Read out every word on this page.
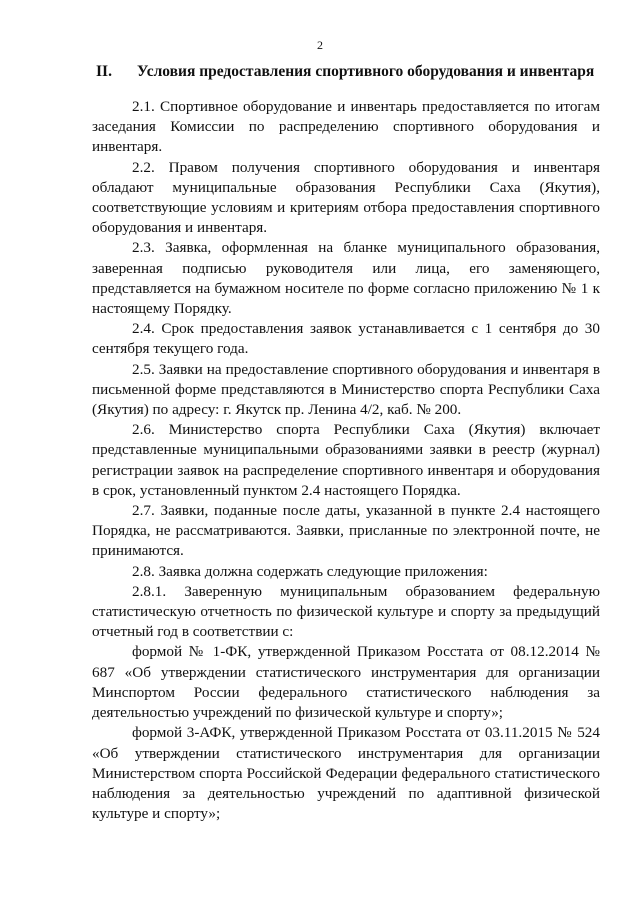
2
II. Условия предоставления спортивного оборудования и инвентаря

2.1. Спортивное оборудование и инвентарь предоставляется по итогам заседания Комиссии по распределению спортивного оборудования и инвентаря.

2.2. Правом получения спортивного оборудования и инвентаря обладают муниципальные образования Республики Саха (Якутия), соответствующие условиям и критериям отбора предоставления спортивного оборудования и инвентаря.

2.3. Заявка, оформленная на бланке муниципального образования, заверенная подписью руководителя или лица, его заменяющего, представляется на бумажном носителе по форме согласно приложению № 1 к настоящему Порядку.

2.4. Срок предоставления заявок устанавливается с 1 сентября до 30 сентября текущего года.

2.5. Заявки на предоставление спортивного оборудования и инвентаря в письменной форме представляются в Министерство спорта Республики Саха (Якутия) по адресу: г. Якутск пр. Ленина 4/2, каб. № 200.

2.6. Министерство спорта Республики Саха (Якутия) включает представленные муниципальными образованиями заявки в реестр (журнал) регистрации заявок на распределение спортивного инвентаря и оборудования в срок, установленный пунктом 2.4 настоящего Порядка.

2.7. Заявки, поданные после даты, указанной в пункте 2.4 настоящего Порядка, не рассматриваются. Заявки, присланные по электронной почте, не принимаются.

2.8. Заявка должна содержать следующие приложения:

2.8.1. Заверенную муниципальным образованием федеральную статистическую отчетность по физической культуре и спорту за предыдущий отчетный год в соответствии с:

формой № 1-ФК, утвержденной Приказом Росстата от 08.12.2014 № 687 «Об утверждении статистического инструментария для организации Минспортом России федерального статистического наблюдения за деятельностью учреждений по физической культуре и спорту»;

формой 3-АФК, утвержденной Приказом Росстата от 03.11.2015 № 524 «Об утверждении статистического инструментария для организации Министерством спорта Российской Федерации федерального статистического наблюдения за деятельностью учреждений по адаптивной физической культуре и спорту»;
